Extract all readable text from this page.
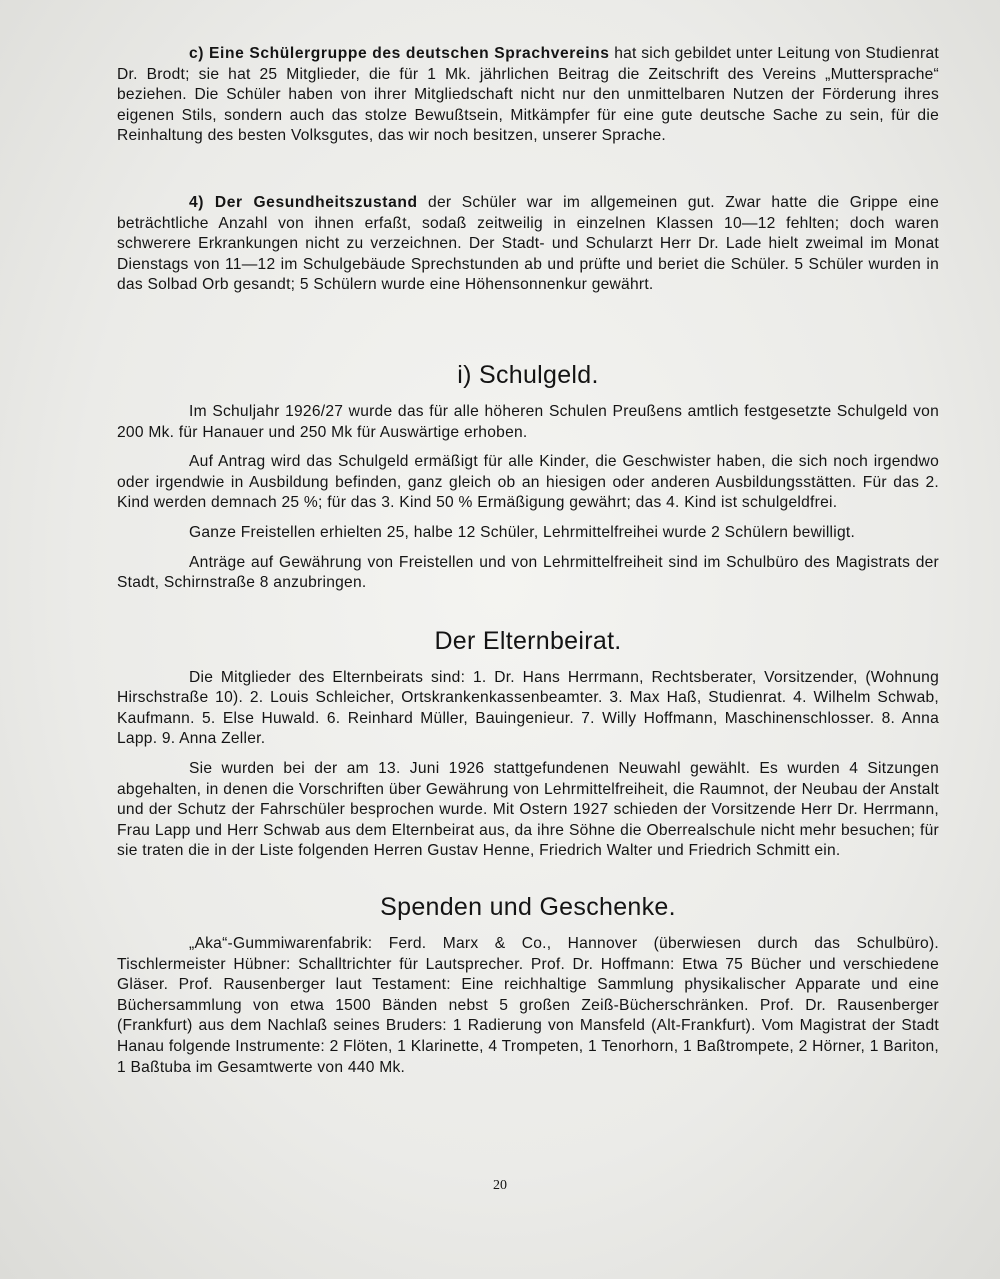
c) Eine Schülergruppe des deutschen Sprachvereins hat sich gebildet unter Leitung von Studienrat Dr. Brodt; sie hat 25 Mitglieder, die für 1 Mk. jährlichen Beitrag die Zeitschrift des Vereins „Muttersprache“ beziehen. Die Schüler haben von ihrer Mitgliedschaft nicht nur den unmittelbaren Nutzen der Förderung ihres eigenen Stils, sondern auch das stolze Bewußtsein, Mitkämpfer für eine gute deutsche Sache zu sein, für die Reinhaltung des besten Volksgutes, das wir noch besitzen, unserer Sprache.

4) Der Gesundheitszustand der Schüler war im allgemeinen gut. Zwar hatte die Grippe eine beträchtliche Anzahl von ihnen erfaßt, sodaß zeitweilig in einzelnen Klassen 10—12 fehlten; doch waren schwerere Erkrankungen nicht zu verzeichnen. Der Stadt- und Schularzt Herr Dr. Lade hielt zweimal im Monat Dienstags von 11—12 im Schulgebäude Sprechstunden ab und prüfte und beriet die Schüler. 5 Schüler wurden in das Solbad Orb gesandt; 5 Schülern wurde eine Höhensonnenkur gewährt.

i) Schulgeld.

Im Schuljahr 1926/27 wurde das für alle höheren Schulen Preußens amtlich festgesetzte Schulgeld von 200 Mk. für Hanauer und 250 Mk für Auswärtige erhoben.

Auf Antrag wird das Schulgeld ermäßigt für alle Kinder, die Geschwister haben, die sich noch irgendwo oder irgendwie in Ausbildung befinden, ganz gleich ob an hiesigen oder anderen Ausbildungsstätten. Für das 2. Kind werden demnach 25 %; für das 3. Kind 50 % Ermäßigung gewährt; das 4. Kind ist schulgeldfrei.

Ganze Freistellen erhielten 25, halbe 12 Schüler, Lehrmittelfreihei wurde 2 Schülern bewilligt.

Anträge auf Gewährung von Freistellen und von Lehrmittelfreiheit sind im Schulbüro des Magistrats der Stadt, Schirnstraße 8 anzubringen.

Der Elternbeirat.

Die Mitglieder des Elternbeirats sind: 1. Dr. Hans Herrmann, Rechtsberater, Vorsitzender, (Wohnung Hirschstraße 10). 2. Louis Schleicher, Ortskrankenkassenbeamter. 3. Max Haß, Studienrat. 4. Wilhelm Schwab, Kaufmann. 5. Else Huwald. 6. Reinhard Müller, Bauingenieur. 7. Willy Hoffmann, Maschinenschlosser. 8. Anna Lapp. 9. Anna Zeller.

Sie wurden bei der am 13. Juni 1926 stattgefundenen Neuwahl gewählt. Es wurden 4 Sitzungen abgehalten, in denen die Vorschriften über Gewährung von Lehrmittelfreiheit, die Raumnot, der Neubau der Anstalt und der Schutz der Fahrschüler besprochen wurde. Mit Ostern 1927 schieden der Vorsitzende Herr Dr. Herrmann, Frau Lapp und Herr Schwab aus dem Elternbeirat aus, da ihre Söhne die Oberrealschule nicht mehr besuchen; für sie traten die in der Liste folgenden Herren Gustav Henne, Friedrich Walter und Friedrich Schmitt ein.

Spenden und Geschenke.

„Aka“-Gummiwarenfabrik: Ferd. Marx & Co., Hannover (überwiesen durch das Schulbüro). Tischlermeister Hübner: Schalltrichter für Lautsprecher. Prof. Dr. Hoffmann: Etwa 75 Bücher und verschiedene Gläser. Prof. Rausenberger laut Testament: Eine reichhaltige Sammlung physikalischer Apparate und eine Büchersammlung von etwa 1500 Bänden nebst 5 großen Zeiß-Bücherschränken. Prof. Dr. Rausenberger (Frankfurt) aus dem Nachlaß seines Bruders: 1 Radierung von Mansfeld (Alt-Frankfurt). Vom Magistrat der Stadt Hanau folgende Instrumente: 2 Flöten, 1 Klarinette, 4 Trompeten, 1 Tenorhorn, 1 Baßtrompete, 2 Hörner, 1 Bariton, 1 Baßtuba im Gesamtwerte von 440 Mk.

20
